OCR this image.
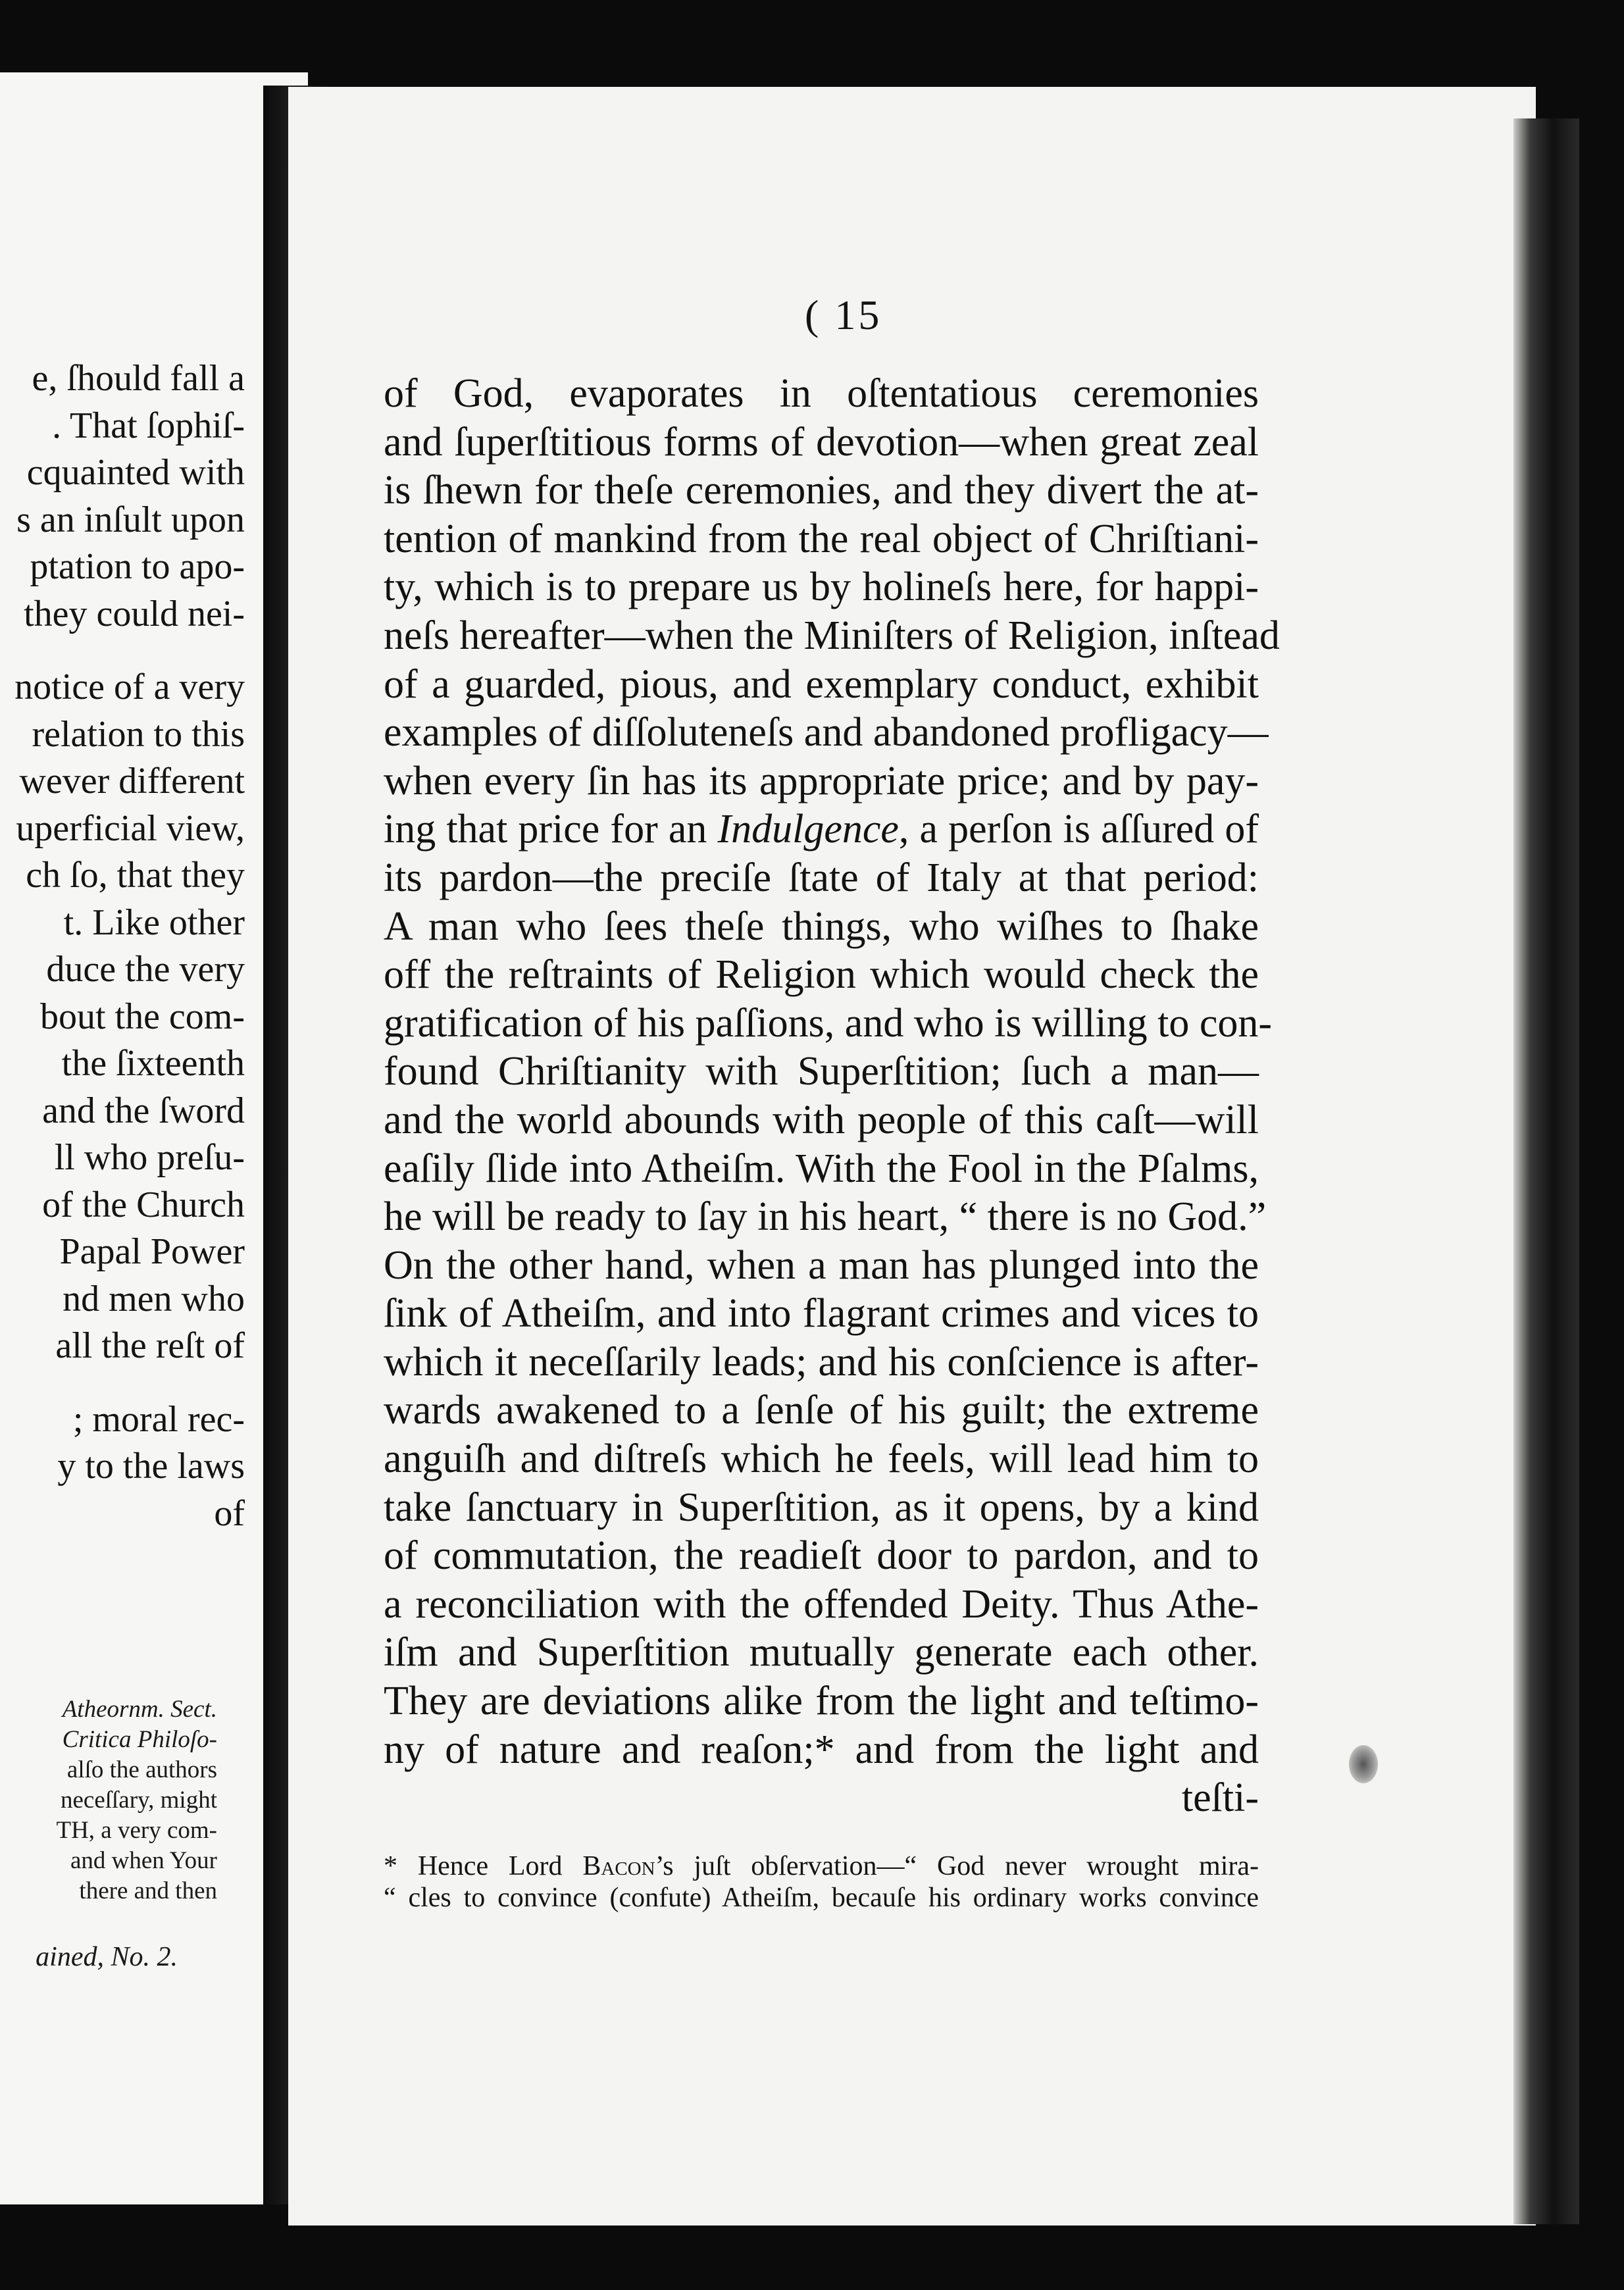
e, ſhould fall a
. That ſophiſ-
cquainted with
s an inſult upon
ptation to apo-
they could nei-
notice of a very
relation to this
wever different
uperficial view,
ch ſo, that they
t. Like other
duce the very
bout the com-
the ſixteenth
and the ſword
ll who preſu-
of the Church
Papal Power
nd men who
all the reſt of
; moral rec-
y to the laws
of
Atheornm. Sect.
Critica Philoſo-
alſo the authors
neceſſary, might
TH, a very com-
and when Your
there and then
ained, No. 2.
( 15
of God, evaporates in oſtentatious ceremonies
and ſuperſtitious forms of devotion—when great zeal
is ſhewn for theſe ceremonies, and they divert the at-
tention of mankind from the real object of Chriſtiani-
ty, which is to prepare us by holineſs here, for happi-
neſs hereafter—when the Miniſters of Religion, inſtead
of a guarded, pious, and exemplary conduct, exhibit
examples of diſſoluteneſs and abandoned profligacy—
when every ſin has its appropriate price; and by pay-
ing that price for an Indulgence, a perſon is aſſured of
its pardon—the preciſe ſtate of Italy at that period:
A man who ſees theſe things, who wiſhes to ſhake
off the reſtraints of Religion which would check the
gratification of his paſſions, and who is willing to con-
found Chriſtianity with Superſtition; ſuch a man—
and the world abounds with people of this caſt—will
eaſily ſlide into Atheiſm. With the Fool in the Pſalms,
he will be ready to ſay in his heart, “ there is no God.”
On the other hand, when a man has plunged into the
ſink of Atheiſm, and into flagrant crimes and vices to
which it neceſſarily leads; and his conſcience is after-
wards awakened to a ſenſe of his guilt; the extreme
anguiſh and diſtreſs which he feels, will lead him to
take ſanctuary in Superſtition, as it opens, by a kind
of commutation, the readieſt door to pardon, and to
a reconciliation with the offended Deity. Thus Athe-
iſm and Superſtition mutually generate each other.
They are deviations alike from the light and teſtimo-
ny of nature and reaſon;* and from the light and
teſti-
* Hence Lord Bacon’s juſt obſervation—“ God never wrought mira-
“ cles to convince (confute) Atheiſm, becauſe his ordinary works convince
